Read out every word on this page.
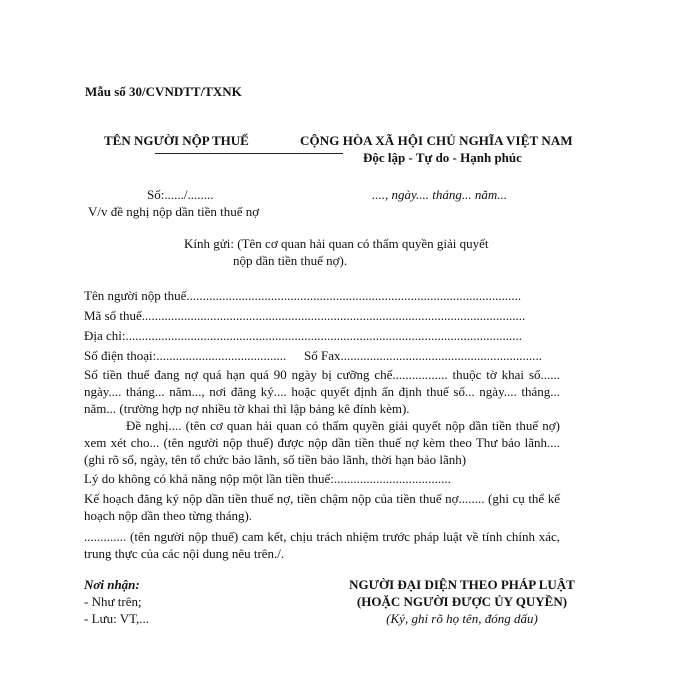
Mẫu số 30/CVNDTT/TXNK
TÊN NGƯỜI NỘP THUẾ	CỘNG HÒA XÃ HỘI CHỦ NGHĨA VIỆT NAM
Độc lập - Tự do - Hạnh phúc
Số:....../........	...., ngày.... tháng... năm...
V/v đề nghị nộp dần tiền thuế nợ
Kính gửi: (Tên cơ quan hải quan có thẩm quyền giải quyết
nộp dần tiền thuế nợ).
Tên người nộp thuế.......................................................................................................
Mã số thuế......................................................................................................................
Địa chỉ:..........................................................................................................................
Số điện thoại:........................................ Số Fax..............................................................
Số tiền thuế đang nợ quá hạn quá 90 ngày bị cưỡng chế................. thuộc tờ khai số...... ngày.... tháng... năm..., nơi đăng ký.... hoặc quyết định ấn định thuế số... ngày.... tháng... năm... (trường hợp nợ nhiều tờ khai thì lập bảng kê đính kèm).
Đề nghị.... (tên cơ quan hải quan có thẩm quyền giải quyết nộp dần tiền thuế nợ) xem xét cho... (tên người nộp thuế) được nộp dần tiền thuế nợ kèm theo Thư bảo lãnh.... (ghi rõ số, ngày, tên tổ chức bảo lãnh, số tiền bảo lãnh, thời hạn bảo lãnh)
Lý do không có khả năng nộp một lần tiền thuế:....................................
Kế hoạch đăng ký nộp dần tiền thuế nợ, tiền chậm nộp của tiền thuế nợ........ (ghi cụ thể kế hoạch nộp dần theo từng tháng).
............. (tên người nộp thuế) cam kết, chịu trách nhiệm trước pháp luật về tính chính xác, trung thực của các nội dung nêu trên./.
Nơi nhận:
- Như trên;
- Lưu: VT,...
NGƯỜI ĐẠI DIỆN THEO PHÁP LUẬT
(HOẶC NGƯỜI ĐƯỢC ỦY QUYỀN)
(Ký, ghi rõ họ tên, đóng dấu)
